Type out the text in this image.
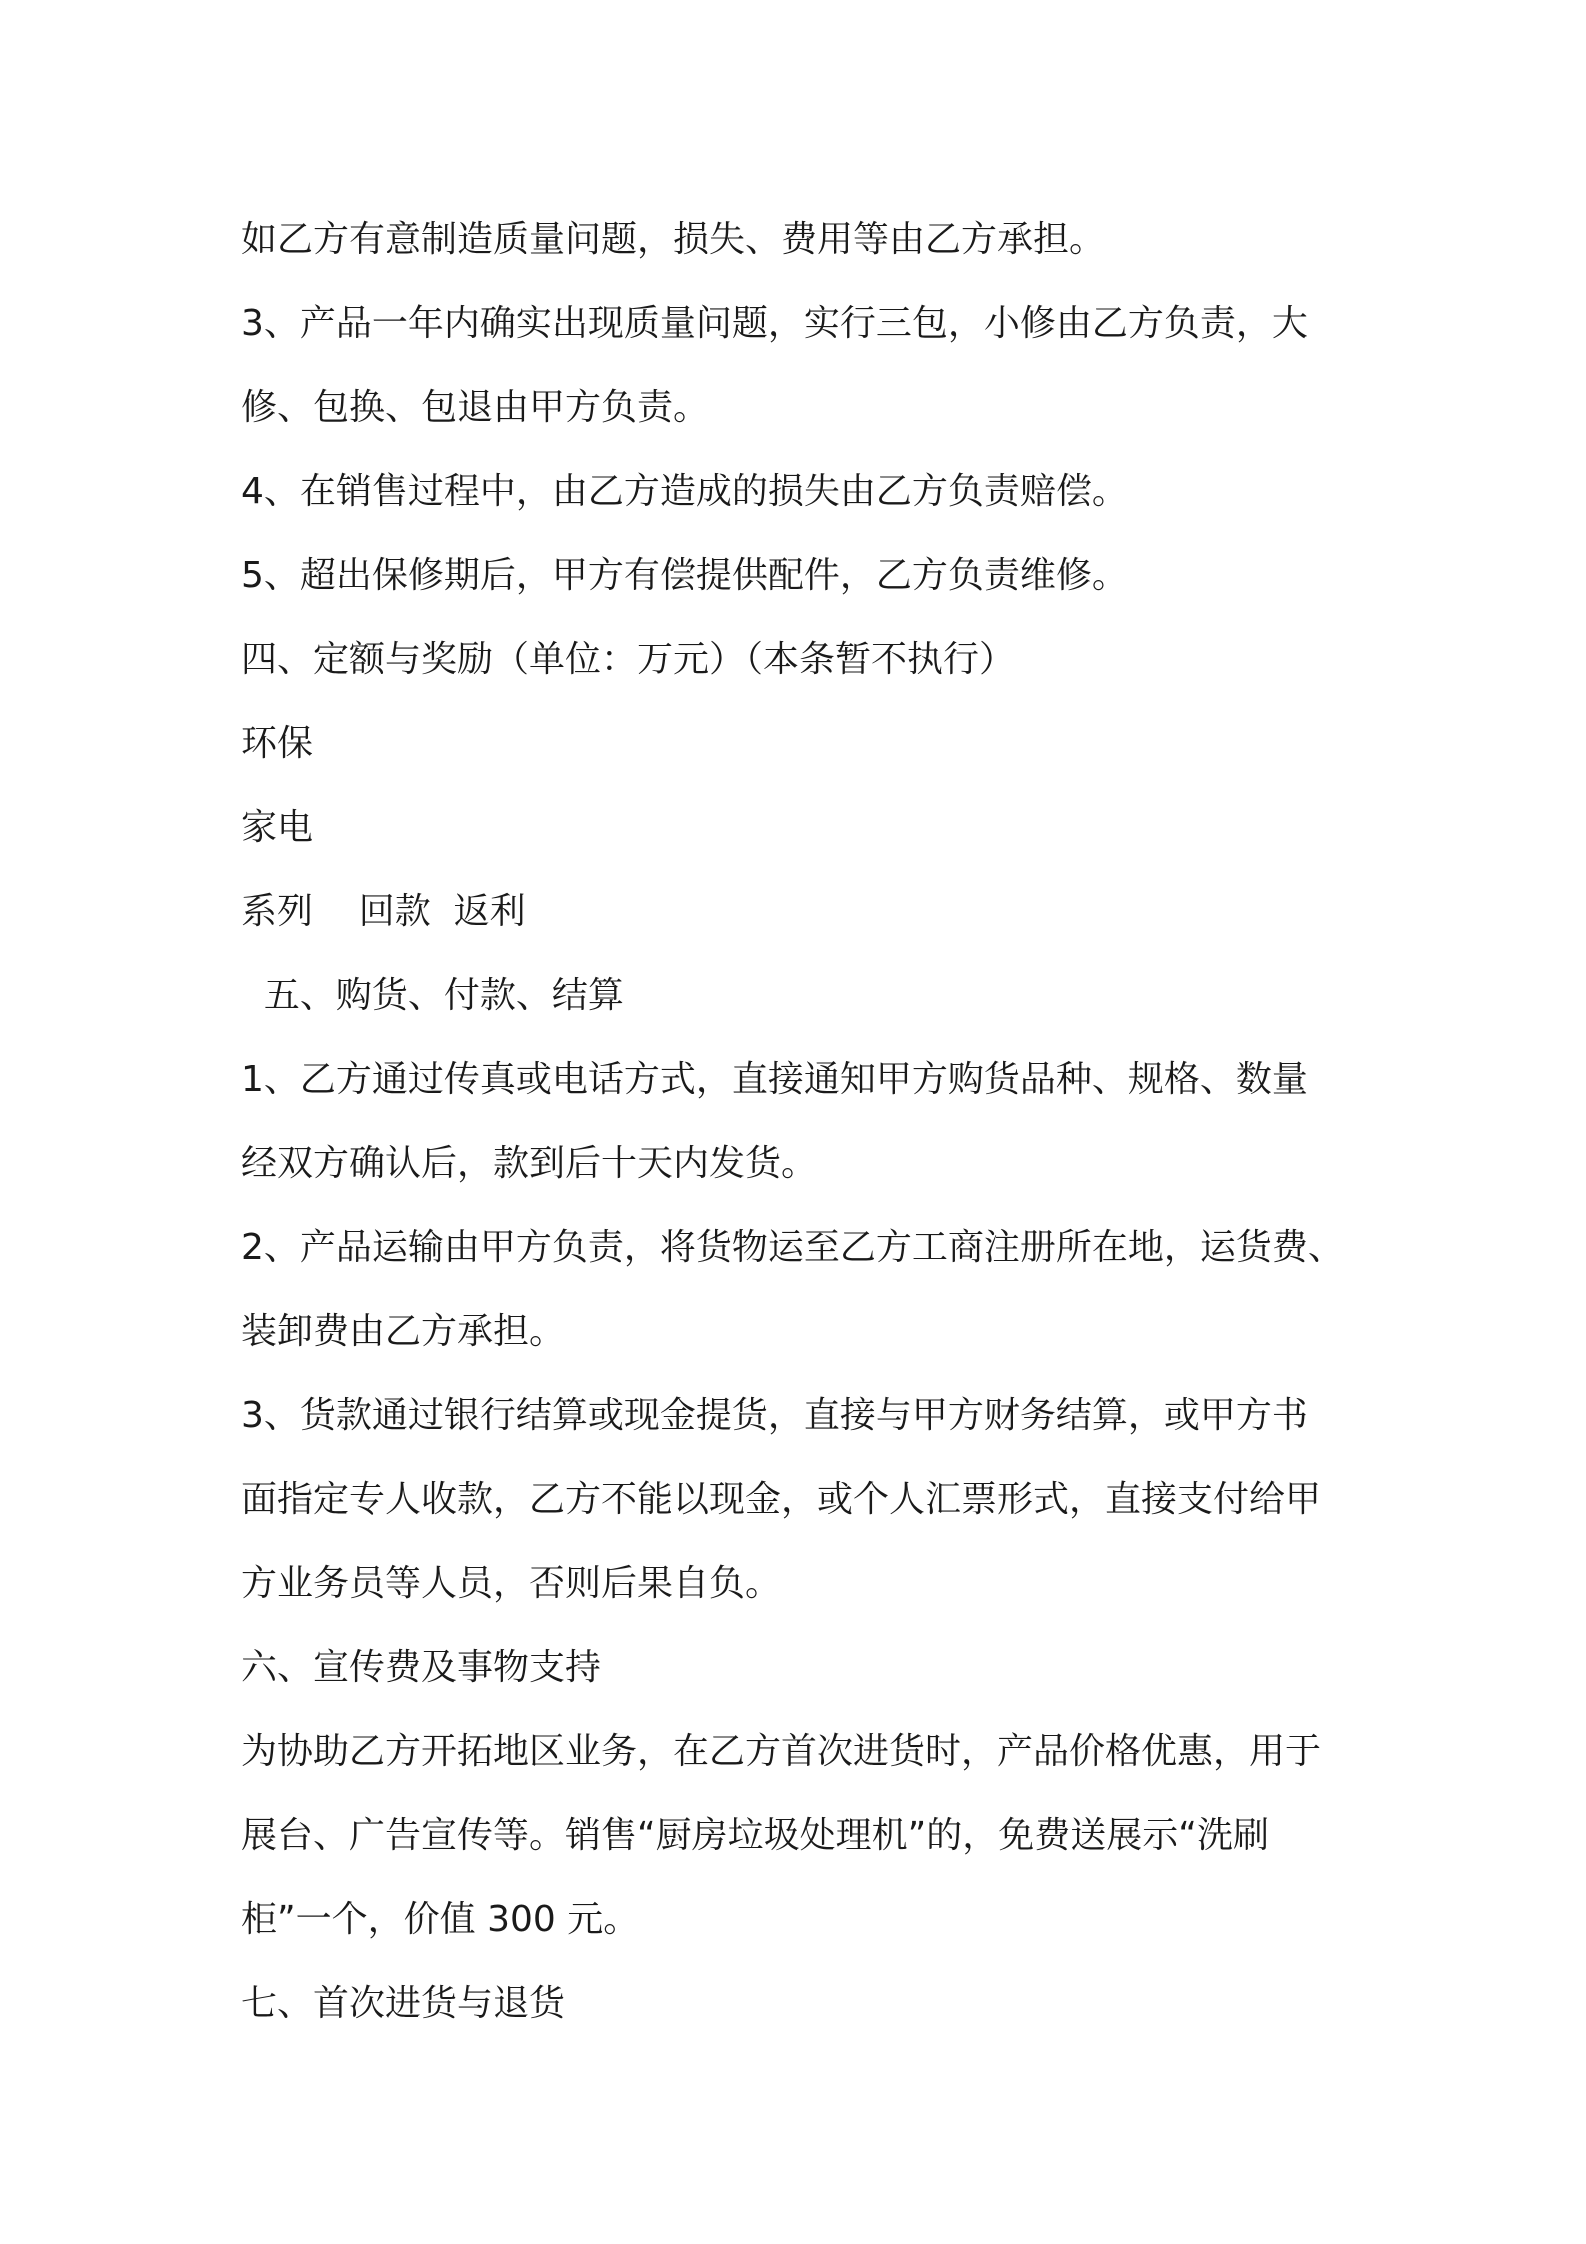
如乙方有意制造质量问题，损失、费用等由乙方承担。
3、产品一年内确实出现质量问题，实行三包，小修由乙方负责，大
修、包换、包退由甲方负责。
4、在销售过程中，由乙方造成的损失由乙方负责赔偿。
5、超出保修期后，甲方有偿提供配件，乙方负责维修。
四、定额与奖励（单位：万元）（本条暂不执行）
环保
家电
系列    回款  返利
五、购货、付款、结算
1、乙方通过传真或电话方式，直接通知甲方购货品种、规格、数量
经双方确认后，款到后十天内发货。
2、产品运输由甲方负责，将货物运至乙方工商注册所在地，运货费、
装卸费由乙方承担。
3、货款通过银行结算或现金提货，直接与甲方财务结算，或甲方书
面指定专人收款，乙方不能以现金，或个人汇票形式，直接支付给甲
方业务员等人员，否则后果自负。
六、宣传费及事物支持
为协助乙方开拓地区业务，在乙方首次进货时，产品价格优惠，用于
展台、广告宣传等。销售“厨房垃圾处理机”的，免费送展示“洗刷
柜”一个，价值 300 元。
七、首次进货与退货
